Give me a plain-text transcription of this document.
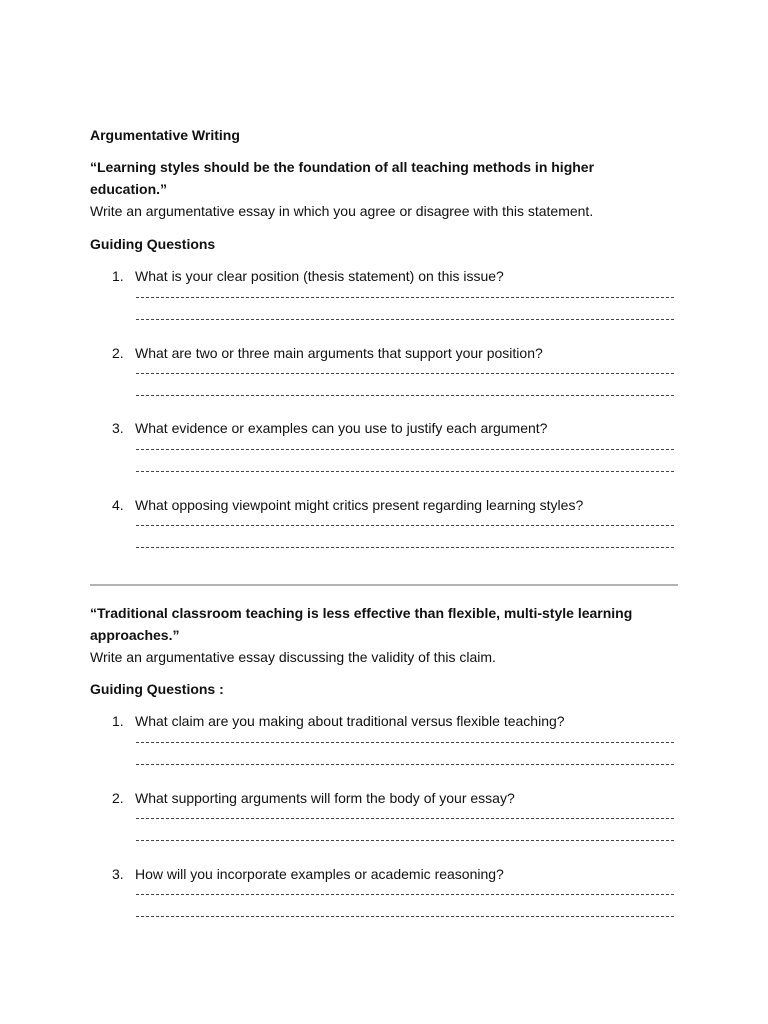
Argumentative Writing
“Learning styles should be the foundation of all teaching methods in higher education.”
Write an argumentative essay in which you agree or disagree with this statement.
Guiding Questions
1. What is your clear position (thesis statement) on this issue?
2. What are two or three main arguments that support your position?
3. What evidence or examples can you use to justify each argument?
4. What opposing viewpoint might critics present regarding learning styles?
“Traditional classroom teaching is less effective than flexible, multi-style learning approaches.”
Write an argumentative essay discussing the validity of this claim.
Guiding Questions :
1. What claim are you making about traditional versus flexible teaching?
2. What supporting arguments will form the body of your essay?
3. How will you incorporate examples or academic reasoning?
